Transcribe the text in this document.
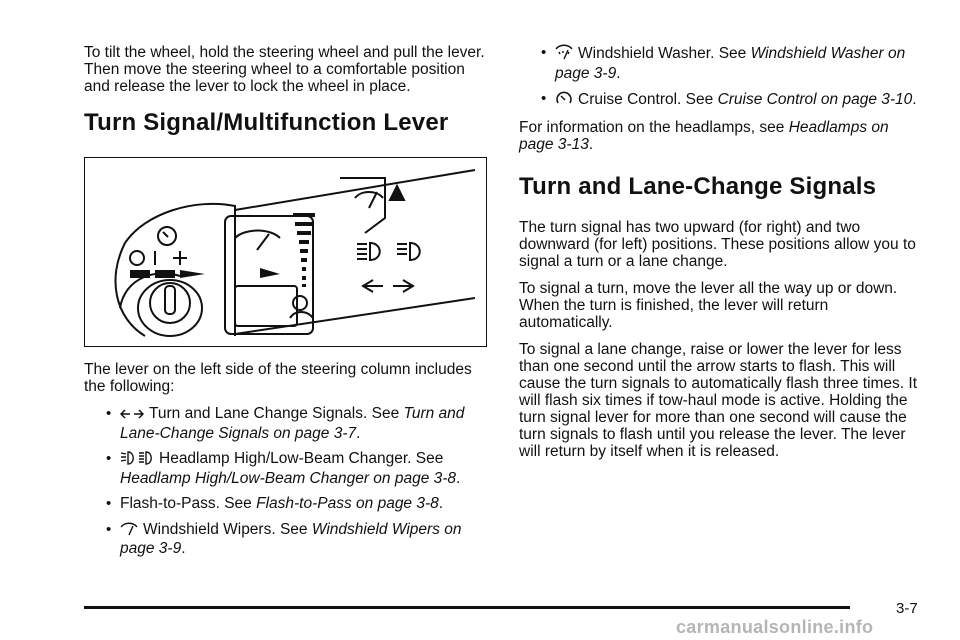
To tilt the wheel, hold the steering wheel and pull the lever. Then move the steering wheel to a comfortable position and release the lever to lock the wheel in place.

Turn Signal/Multifunction Lever

The lever on the left side of the steering column includes the following:

• Turn and Lane Change Signals. See Turn and Lane-Change Signals on page 3-7.
•	Headlamp High/Low-Beam Changer. See
Headlamp High/Low-Beam Changer on page 3-8.
• Flash-to-Pass. See Flash-to-Pass on page 3-8.
• Windshield Wipers. See Windshield Wipers on page 3-9.
• Windshield Washer. See Windshield Washer on page 3-9.
• Cruise Control. See Cruise Control on page 3-10.

For information on the headlamps, see Headlamps on page 3-13.

Turn and Lane-Change Signals

The turn signal has two upward (for right) and two downward (for left) positions. These positions allow you to signal a turn or a lane change.

To signal a turn, move the lever all the way up or down. When the turn is finished, the lever will return automatically.

To signal a lane change, raise or lower the lever for less than one second until the arrow starts to flash. This will cause the turn signals to automatically flash three times. It will flash six times if tow-haul mode is active. Holding the turn signal lever for more than one second will cause the turn signals to flash until you release the lever. The lever will return by itself when it is released.

3-7
carmanualsonline.info
